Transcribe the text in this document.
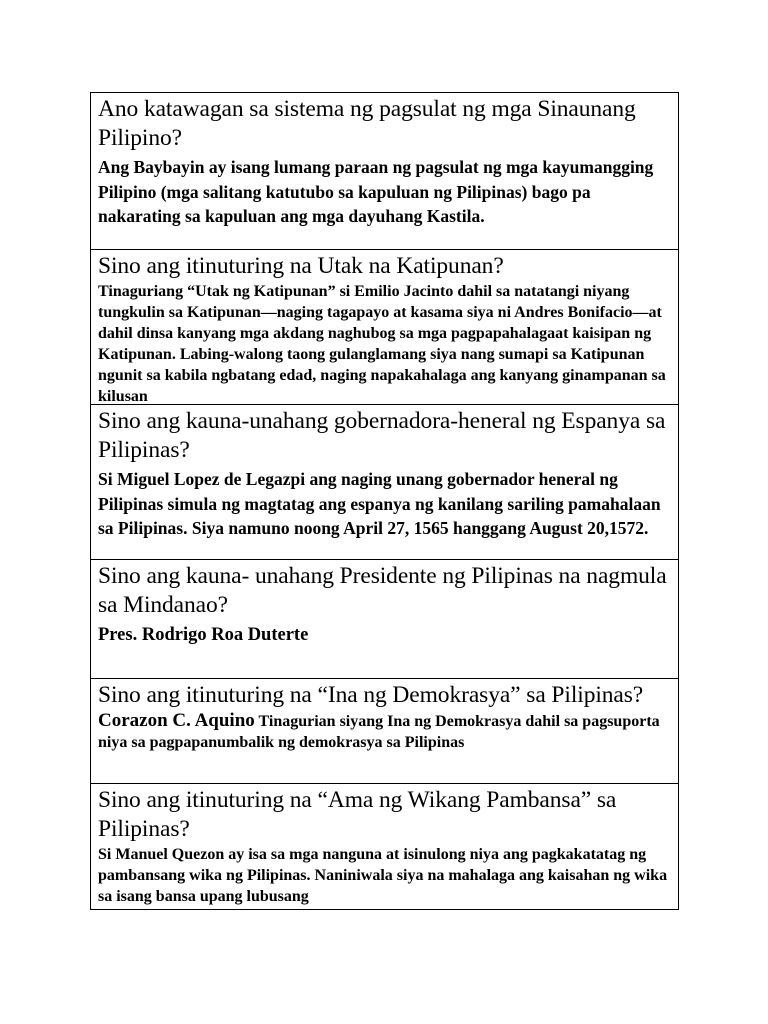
Ano katawagan sa sistema ng pagsulat ng mga Sinaunang Pilipino?

Ang Baybayin ay isang lumang paraan ng pagsulat ng mga kayumangging Pilipino (mga salitang katutubo sa kapuluan ng Pilipinas) bago pa nakarating sa kapuluan ang mga dayuhang Kastila.

Sino ang itinuturing na Utak na Katipunan?

Tinaguriang “Utak ng Katipunan” si Emilio Jacinto dahil sa natatangi niyang tungkulin sa Katipunan—naging tagapayo at kasama siya ni Andres Bonifacio—at dahil dinsa kanyang mga akdang naghubog sa mga pagpapahalagaat kaisipan ng Katipunan. Labing-walong taong gulanglamang siya nang sumapi sa Katipunan ngunit sa kabila ngbatang edad, naging napakahalaga ang kanyang ginampanan sa kilusan

Sino ang kauna-unahang gobernadora-heneral ng Espanya sa Pilipinas?

Si Miguel Lopez de Legazpi ang naging unang gobernador heneral ng Pilipinas simula ng magtatag ang espanya ng kanilang sariling pamahalaan sa Pilipinas. Siya namuno noong April 27, 1565 hanggang August 20,1572.

Sino ang kauna- unahang Presidente ng Pilipinas na nagmula sa Mindanao?

Pres. Rodrigo Roa Duterte

Sino ang itinuturing na “Ina ng Demokrasya” sa Pilipinas?

Corazon C. Aquino Tinagurian siyang Ina ng Demokrasya dahil sa pagsuporta niya sa pagpapanumbalik ng demokrasya sa Pilipinas

Sino ang itinuturing na “Ama ng Wikang Pambansa” sa Pilipinas?

Si Manuel Quezon ay isa sa mga nanguna at isinulong niya ang pagkakatatag ng pambansang wika ng Pilipinas. Naniniwala siya na mahalaga ang kaisahan ng wika sa isang bansa upang lubusang
